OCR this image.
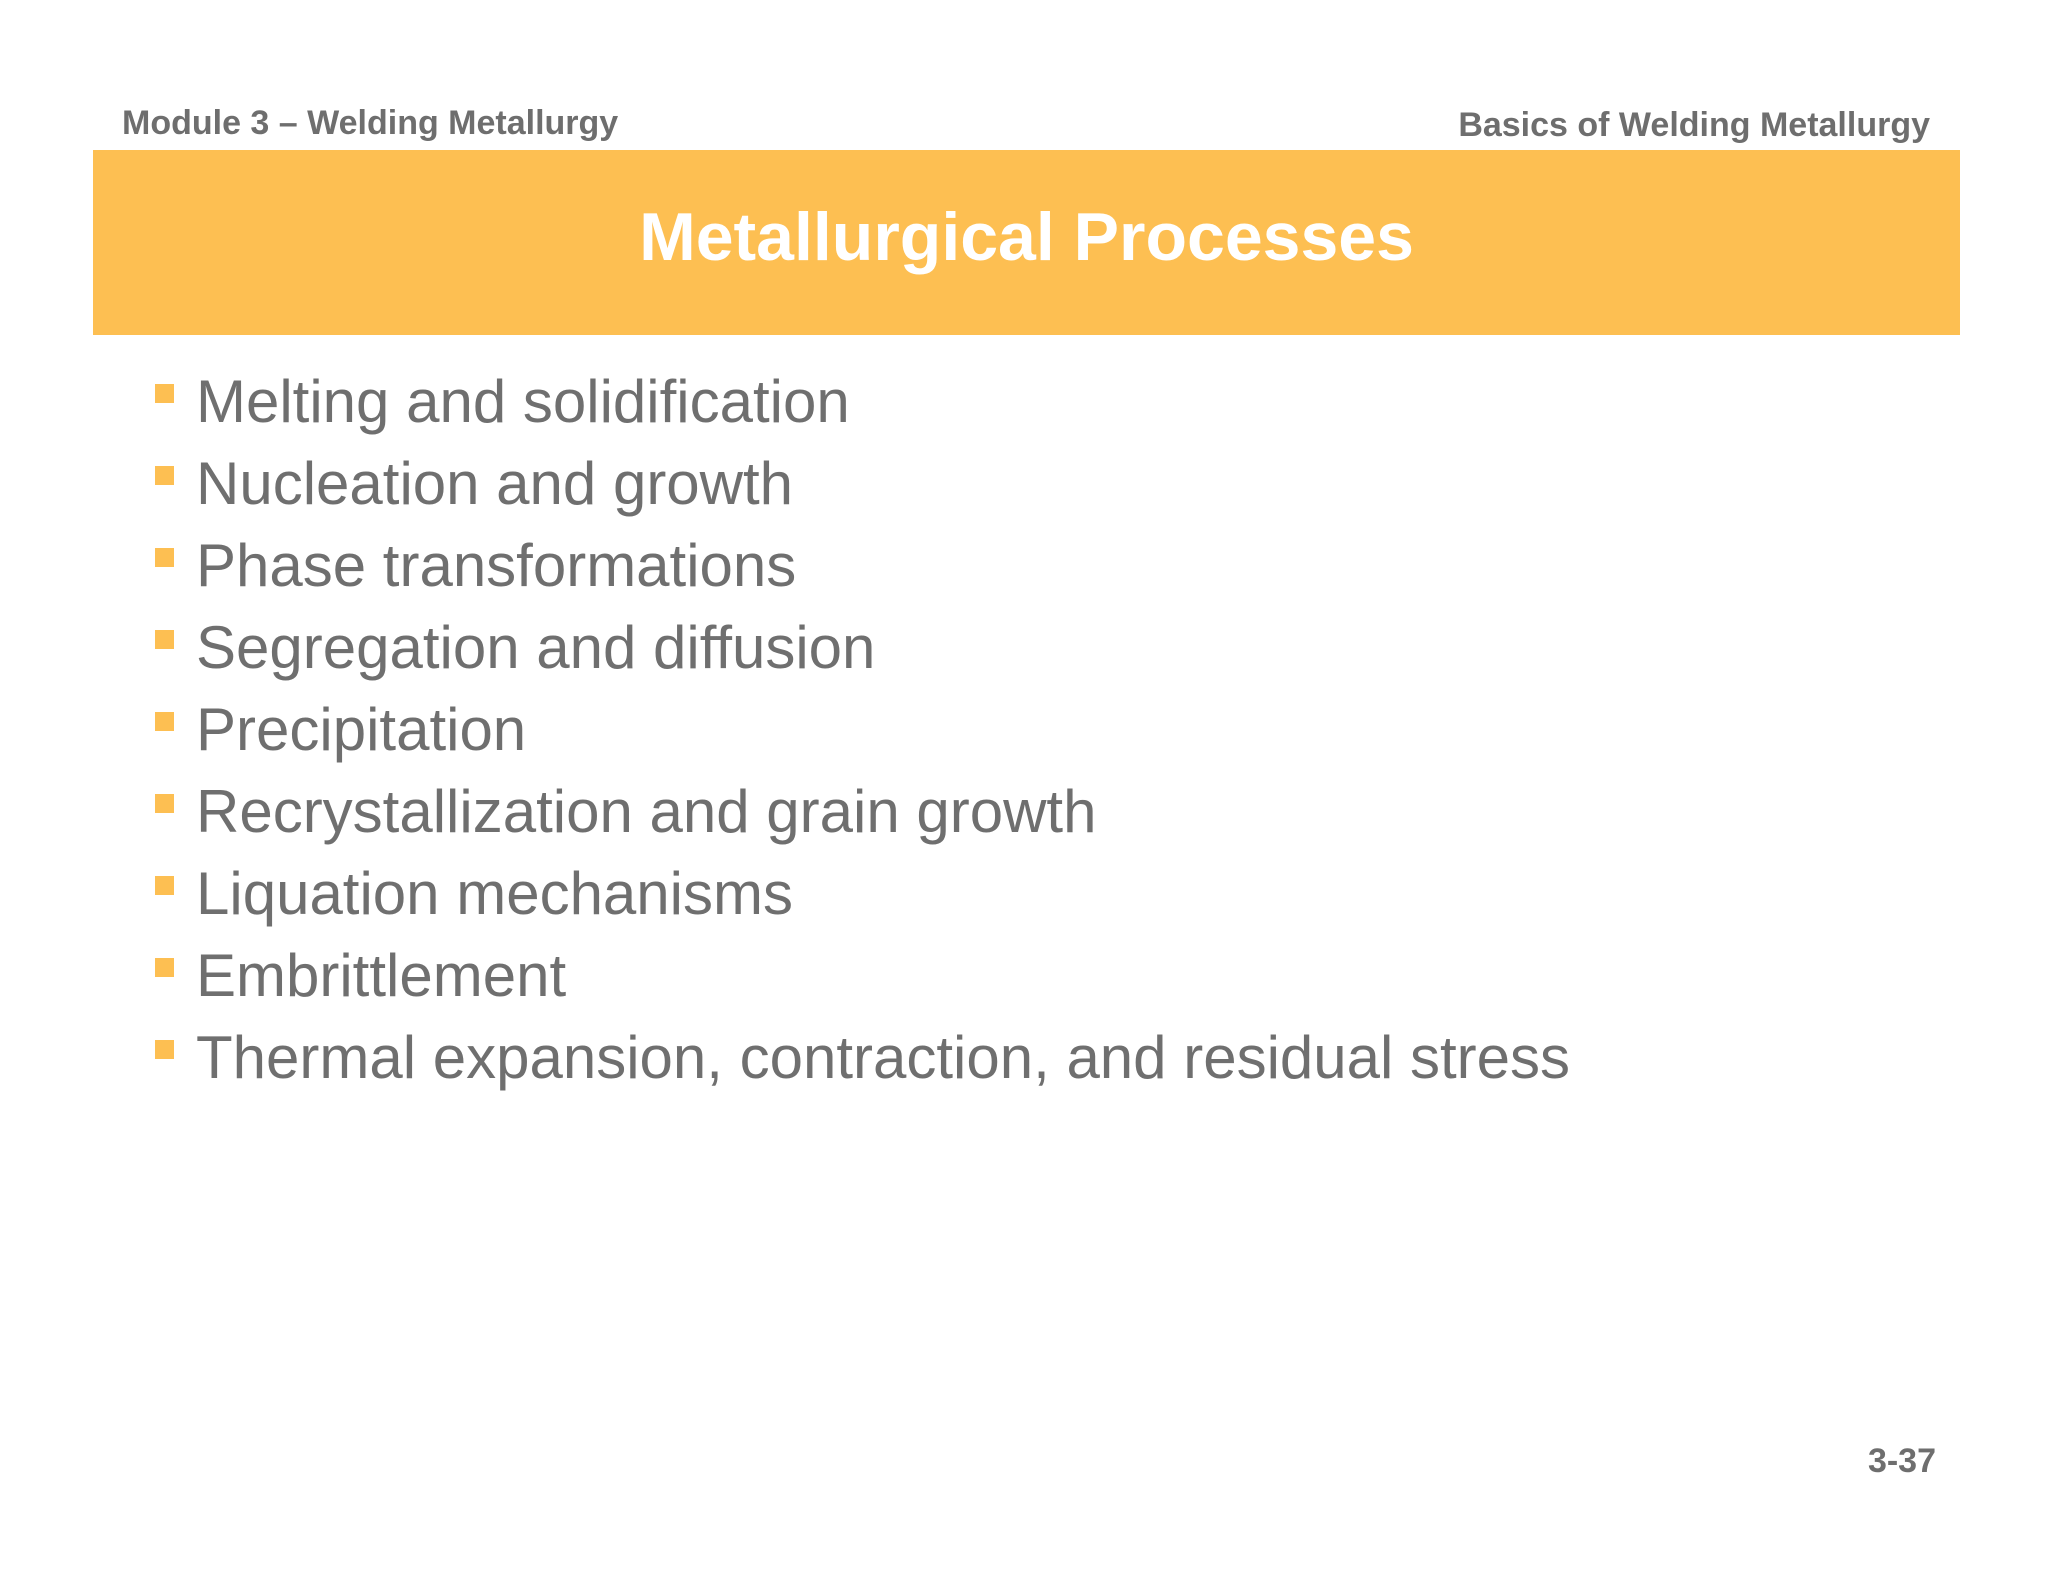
Module 3 – Welding Metallurgy	Basics of Welding Metallurgy
Metallurgical Processes
Melting and solidification
Nucleation and growth
Phase transformations
Segregation and diffusion
Precipitation
Recrystallization and grain growth
Liquation mechanisms
Embrittlement
Thermal expansion, contraction, and residual stress
3-37
